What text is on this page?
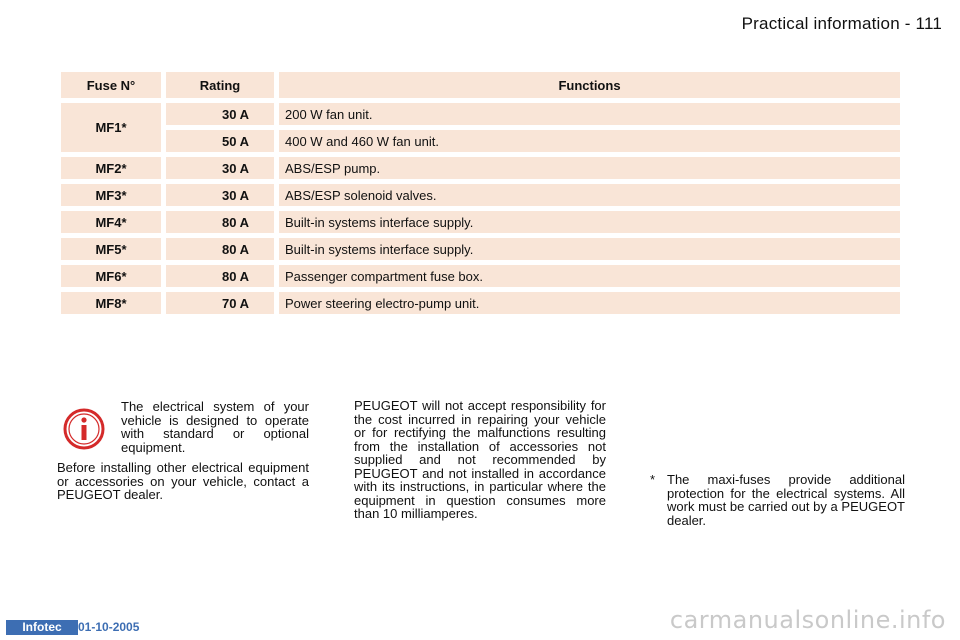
Practical information - 111
Fuse N°	Rating	Functions
MF1*	30 A	200 W fan unit.
	50 A	400 W and 460 W fan unit.
MF2*	30 A	ABS/ESP pump.
MF3*	30 A	ABS/ESP solenoid valves.
MF4*	80 A	Built-in systems interface supply.
MF5*	80 A	Built-in systems interface supply.
MF6*	80 A	Passenger compartment fuse box.
MF8*	70 A	Power steering electro-pump unit.
The electrical system of your vehicle is designed to operate with standard or optional equipment.
Before installing other electrical equipment or accessories on your vehicle, contact a PEUGEOT dealer.
PEUGEOT will not accept responsibility for the cost incurred in repairing your vehicle or for rectifying the malfunctions resulting from the installation of accessories not supplied and not recommended by PEUGEOT and not installed in accordance with its instructions, in particular where the equipment in question consumes more than 10 milliamperes.
* The maxi-fuses provide additional protection for the electrical systems. All work must be carried out by a PEUGEOT dealer.
Infotec	01-10-2005	carmanualsonline.info
